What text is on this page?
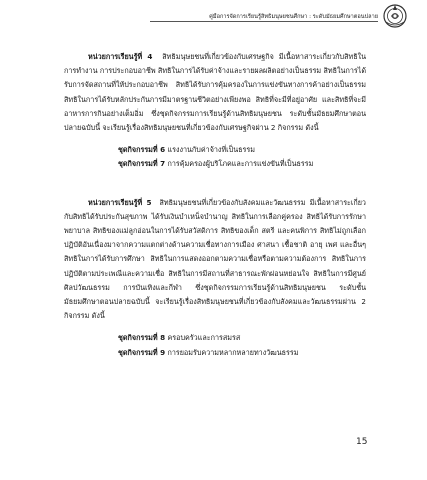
คู่มือการจัดการเรียนรู้สิทธิมนุษยชนศึกษา : ระดับมัธยมศึกษาตอนปลาย

หน่วยการเรียนรู้ที่ 4 สิทธิมนุษยชนที่เกี่ยวข้องกับเศรษฐกิจ มีเนื้อหาสาระเกี่ยวกับสิทธิในการทำงาน การประกอบอาชีพ สิทธิในการได้รับค่าจ้างและรายผลผลิตอย่างเป็นธรรม สิทธิในการได้รับการจัดสถานที่ให้ประกอบอาชีพ สิทธิได้รับการคุ้มครองในการแข่งขันทางการค้าอย่างเป็นธรรม สิทธิในการได้รับหลักประกันการมีมาตรฐานชีวิตอย่างเพียงพอ สิทธิที่จะมีที่อยู่อาศัย และสิทธิที่จะมีอาหารการกินอย่างเต็มอิ่ม ซึ่งชุดกิจกรรมการเรียนรู้ด้านสิทธิมนุษยชน ระดับชั้นมัธยมศึกษาตอนปลายฉบับนี้ จะเรียนรู้เรื่องสิทธิมนุษยชนที่เกี่ยวข้องกับเศรษฐกิจผ่าน 2 กิจกรรม ดังนี้

ชุดกิจกรรมที่ 6 แรงงานกับค่าจ้างที่เป็นธรรม

ชุดกิจกรรมที่ 7 การคุ้มครองผู้บริโภคและการแข่งขันที่เป็นธรรม

หน่วยการเรียนรู้ที่ 5 สิทธิมนุษยชนที่เกี่ยวข้องกับสังคมและวัฒนธรรม มีเนื้อหาสาระเกี่ยวกับสิทธิได้รับประกันสุขภาพ ได้รับเงินบำเหน็จบำนาญ สิทธิในการเลือกคู่ครอง สิทธิได้รับการรักษาพยาบาล สิทธิของแม่ลูกอ่อนในการได้รับสวัสดิการ สิทธิของเด็ก สตรี และคนพิการ สิทธิไม่ถูกเลือกปฏิบัติอันเนื่องมาจากความแตกต่างด้านความเชื่อทางการเมือง ศาสนา เชื้อชาติ อายุ เพศ และอื่นๆ สิทธิในการได้รับการศึกษา สิทธิในการแสดงออกตามความเชื่อหรือตามความต้องการ สิทธิในการปฏิบัติตามประเพณีและความเชื่อ สิทธิในการมีสถานที่สาธารณะพักผ่อนหย่อนใจ สิทธิในการมีศูนย์ศิลปวัฒนธรรม การบันเทิงและกีฬา ซึ่งชุดกิจกรรมการเรียนรู้ด้านสิทธิมนุษยชน ระดับชั้นมัธยมศึกษาตอนปลายฉบับนี้ จะเรียนรู้เรื่องสิทธิมนุษยชนที่เกี่ยวข้องกับสังคมและวัฒนธรรมผ่าน 2 กิจกรรม ดังนี้

ชุดกิจกรรมที่ 8 ครอบครัวและการสมรส

ชุดกิจกรรมที่ 9 การยอมรับความหลากหลายทางวัฒนธรรม

15
